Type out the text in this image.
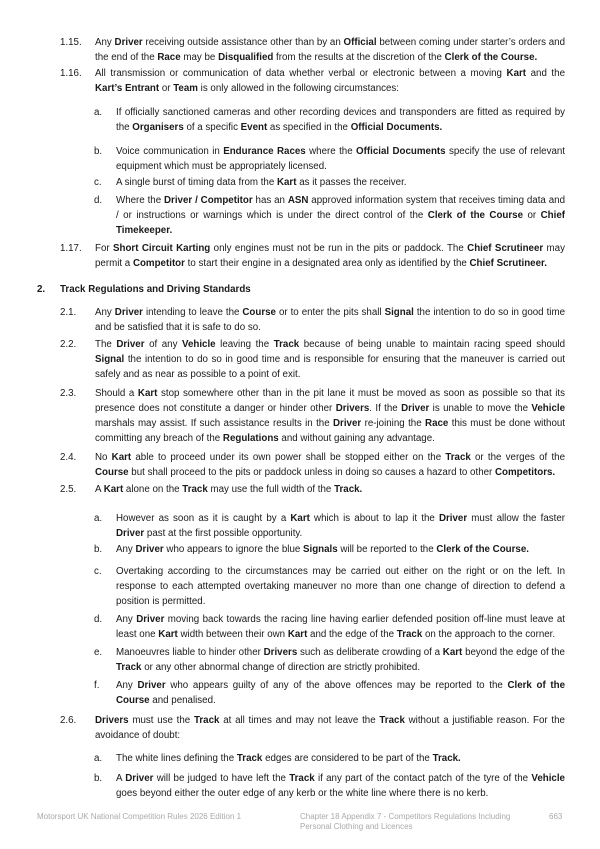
1.15.	Any Driver receiving outside assistance other than by an Official between coming under starter’s orders and the end of the Race may be Disqualified from the results at the discretion of the Clerk of the Course.
1.16.	All transmission or communication of data whether verbal or electronic between a moving Kart and the Kart’s Entrant or Team is only allowed in the following circumstances:
a.	If officially sanctioned cameras and other recording devices and transponders are fitted as required by the Organisers of a specific Event as specified in the Official Documents.
b.	Voice communication in Endurance Races where the Official Documents specify the use of relevant equipment which must be appropriately licensed.
c.	A single burst of timing data from the Kart as it passes the receiver.
d.	Where the Driver / Competitor has an ASN approved information system that receives timing data and / or instructions or warnings which is under the direct control of the Clerk of the Course or Chief Timekeeper.
1.17.	For Short Circuit Karting only engines must not be run in the pits or paddock. The Chief Scrutineer may permit a Competitor to start their engine in a designated area only as identified by the Chief Scrutineer.
2.	Track Regulations and Driving Standards
2.1.	Any Driver intending to leave the Course or to enter the pits shall Signal the intention to do so in good time and be satisfied that it is safe to do so.
2.2.	The Driver of any Vehicle leaving the Track because of being unable to maintain racing speed should Signal the intention to do so in good time and is responsible for ensuring that the maneuver is carried out safely and as near as possible to a point of exit.
2.3.	Should a Kart stop somewhere other than in the pit lane it must be moved as soon as possible so that its presence does not constitute a danger or hinder other Drivers. If the Driver is unable to move the Vehicle marshals may assist. If such assistance results in the Driver re-joining the Race this must be done without committing any breach of the Regulations and without gaining any advantage.
2.4.	No Kart able to proceed under its own power shall be stopped either on the Track or the verges of the Course but shall proceed to the pits or paddock unless in doing so causes a hazard to other Competitors.
2.5.	A Kart alone on the Track may use the full width of the Track.
a.	However as soon as it is caught by a Kart which is about to lap it the Driver must allow the faster Driver past at the first possible opportunity.
b.	Any Driver who appears to ignore the blue Signals will be reported to the Clerk of the Course.
c.	Overtaking according to the circumstances may be carried out either on the right or on the left. In response to each attempted overtaking maneuver no more than one change of direction to defend a position is permitted.
d.	Any Driver moving back towards the racing line having earlier defended position off-line must leave at least one Kart width between their own Kart and the edge of the Track on the approach to the corner.
e.	Manoeuvres liable to hinder other Drivers such as deliberate crowding of a Kart beyond the edge of the Track or any other abnormal change of direction are strictly prohibited.
f.	Any Driver who appears guilty of any of the above offences may be reported to the Clerk of the Course and penalised.
2.6.	Drivers must use the Track at all times and may not leave the Track without a justifiable reason. For the avoidance of doubt:
a.	The white lines defining the Track edges are considered to be part of the Track.
b.	A Driver will be judged to have left the Track if any part of the contact patch of the tyre of the Vehicle goes beyond either the outer edge of any kerb or the white line where there is no kerb.
Motorsport UK National Competition Rules 2026 Edition 1	Chapter 18 Appendix 7 - Competitors Regulations Including Personal Clothing and Licences
663
